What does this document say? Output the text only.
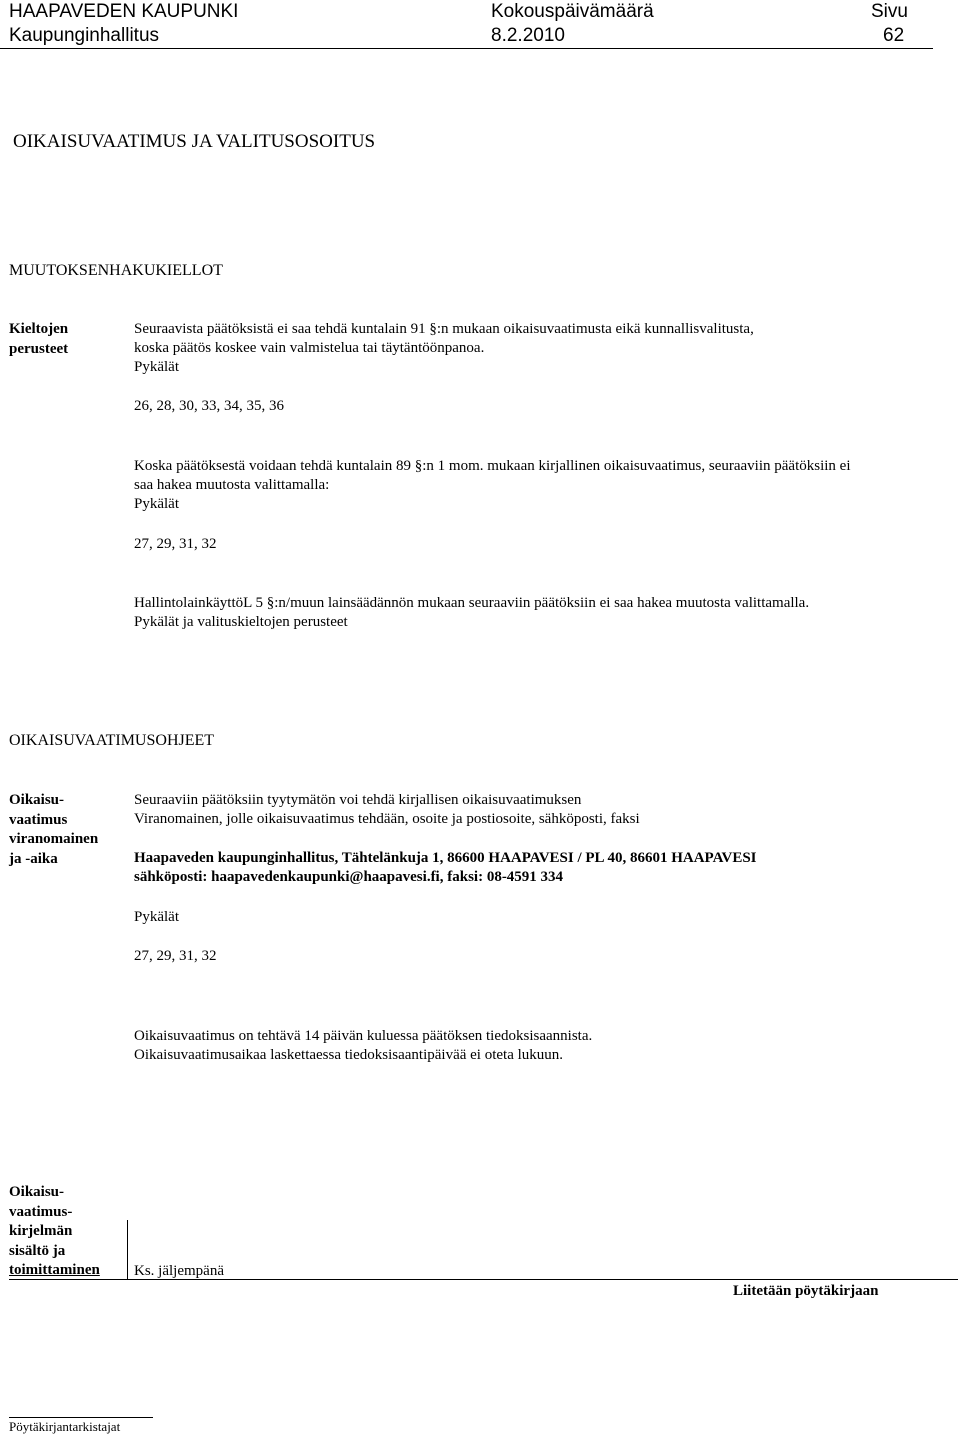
HAAPAVEDEN KAUPUNKI
Kaupunginhallitus
Kokouspäivämäärä
8.2.2010
Sivu
62
OIKAISUVAATIMUS JA VALITUSOSOITUS
MUUTOKSENHAKUKIELLOT
Kieltojen
perusteet
Seuraavista päätöksistä ei saa tehdä kuntalain 91 §:n mukaan oikaisuvaatimusta eikä kunnallisvalitusta,
koska päätös koskee vain valmistelua tai täytäntöönpanoa.
Pykälät
26, 28, 30, 33, 34, 35, 36
Koska päätöksestä voidaan tehdä kuntalain 89 §:n 1 mom. mukaan kirjallinen oikaisuvaatimus, seuraaviin päätöksiin ei
saa hakea muutosta valittamalla:
Pykälät
27, 29, 31, 32
HallintolainkäyttöL 5 §:n/muun lainsäädännön mukaan seuraaviin päätöksiin ei saa hakea muutosta valittamalla.
Pykälät ja valituskieltojen perusteet
OIKAISUVAATIMUSOHJEET
Oikaisu-
vaatimus
viranomainen
ja -aika
Seuraaviin päätöksiin tyytymätön voi tehdä kirjallisen oikaisuvaatimuksen
Viranomainen, jolle oikaisuvaatimus tehdään, osoite ja postiosoite, sähköposti, faksi
Haapaveden kaupunginhallitus, Tähtelänkuja 1, 86600 HAAPAVESI / PL 40, 86601 HAAPAVESI
sähköposti: haapavedenkaupunki@haapavesi.fi, faksi: 08-4591 334
Pykälät
27, 29, 31, 32
Oikaisuvaatimus on tehtävä 14 päivän kuluessa päätöksen tiedoksisaannista.
Oikaisuvaatimusaikaa laskettaessa tiedoksisaantipäivää ei oteta lukuun.
Oikaisu-
vaatimus-
kirjelmän
sisältö ja
toimittaminen Ks. jäljempänä
Liitetään pöytäkirjaan
Pöytäkirjantarkistajat
